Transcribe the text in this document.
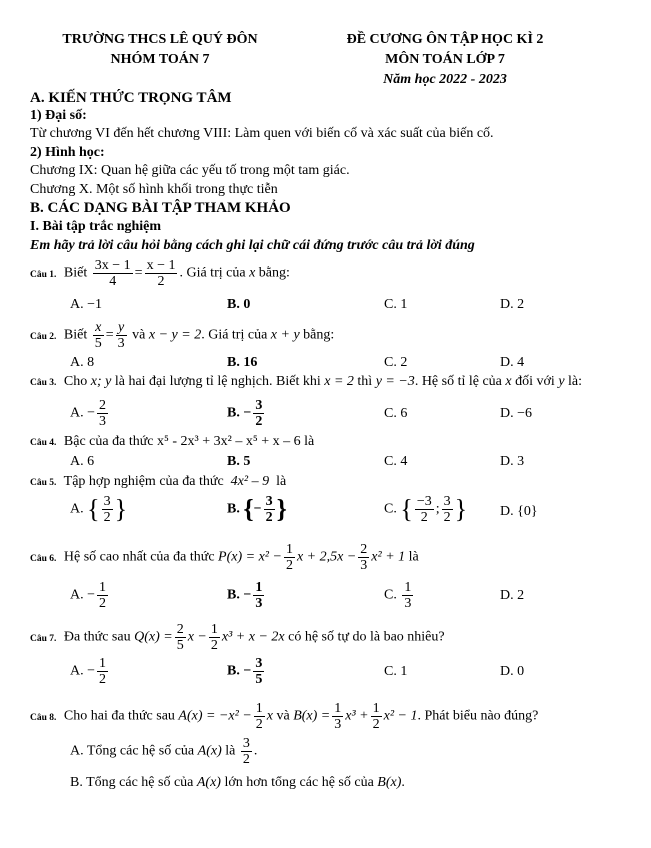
TRƯỜNG THCS LÊ QUÝ ĐÔN
NHÓM TOÁN 7
ĐỀ CƯƠNG ÔN TẬP HỌC KÌ 2
MÔN TOÁN LỚP 7
Năm học 2022 - 2023
A. KIẾN THỨC TRỌNG TÂM
1) Đại số:
Từ chương VI đến hết chương VIII: Làm quen với biến cố và xác suất của biến cố.
2) Hình học:
Chương IX: Quan hệ giữa các yếu tố trong một tam giác.
Chương X. Một số hình khối trong thực tiễn
B. CÁC DẠNG BÀI TẬP THAM KHẢO
I. Bài tập trắc nghiệm
Em hãy trả lời câu hỏi bằng cách ghi lại chữ cái đứng trước câu trả lời đúng
Câu 1. Biết $\frac{3x - 1}{4} = \frac{x - 1}{2}$ . Giá trị của x bằng:
A. −1	B. 0	C. 1	D. 2
Câu 2. Biết $\frac{x}{5} = \frac{y}{3}$ và x − y = 2. Giá trị của x + y bằng:
A. 8	B. 16	C. 2	D. 4
Câu 3. Cho x; y là hai đại lượng tỉ lệ nghịch. Biết khi x = 2 thì y = −3. Hệ số tỉ lệ của x đối với y là:
A. − $\frac{2}{3}$	B. − $\frac{3}{2}$	C. 6	D. −6
Câu 4. Bậc của đa thức x⁵ - 2x³ + 3x² – x⁵ + x – 6 là
A. 6	B. 5	C. 4	D. 3
Câu 5. Tập hợp nghiệm của đa thức 4x² – 9 là
A. { $\frac{3}{2}$ }	B. {− $\frac{3}{2}$ }	C. { $\frac{-3}{2}$ ; $\frac{3}{2}$ } D. {0}
Câu 6. Hệ số cao nhất của đa thức $P(x) = x^2 - \frac{1}{2}$ $x + 2,5x - \frac{2}{3} x^2 + 1$ là
A. − $\frac{1}{2}$	B. − $\frac{1}{3}$	C. $\frac{1}{3}$	D. 2
Câu 7. Đa thức sau $Q(x) = \frac{2}{5}$ $x - \frac{1}{2} x^3 + x - 2x$ có hệ số tự do là bao nhiêu?
A. − $\frac{1}{2}$	B. − $\frac{3}{5}$	C. 1	D. 0
Câu 8. Cho hai đa thức sau $A(x) = -x^2 - \frac{1}{2}$ x và $B(x) = \frac{1}{3} x^3 + \frac{1}{2} x^2 - 1$. Phát biểu nào đúng?
A. Tổng các hệ số của A(x) là $\frac{3}{2}$ .
B. Tổng các hệ số của A(x) lớn hơn tổng các hệ số của B(x).
